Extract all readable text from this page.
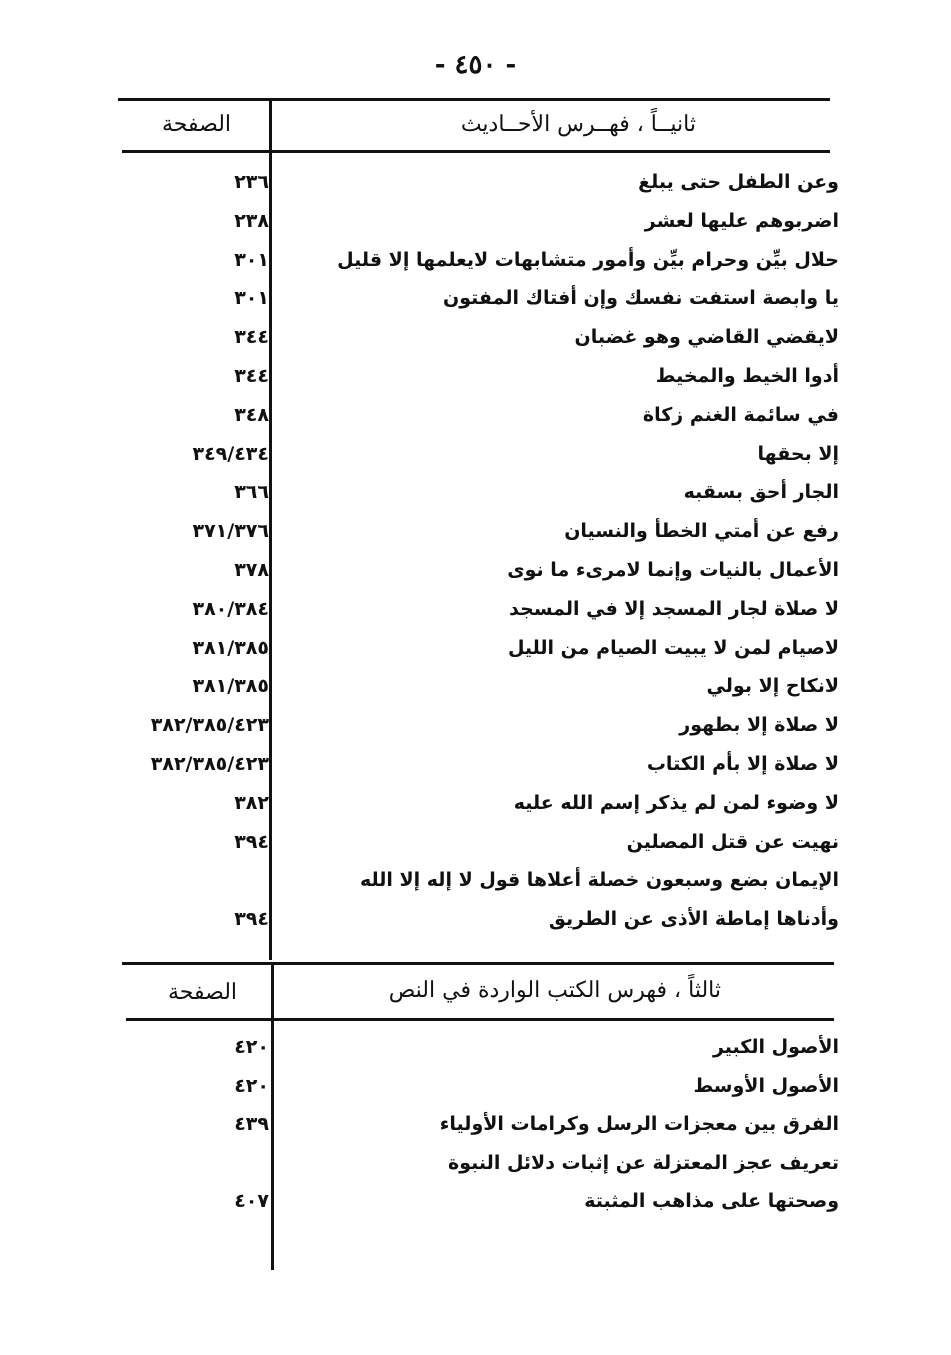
- ٤٥٠ -
ثانيــاً ، فهــرس الأحــاديث
الصفحة
وعن الطفل حتى يبلغ
٢٣٦
اضربوهم عليها لعشر
٢٣٨
حلال بيِّن وحرام بيِّن وأمور متشابهات لايعلمها إلا قليل
٣٠١
يا وابصة استفت نفسك وإن أفتاك المفتون
٣٠١
لايقضي القاضي وهو غضبان
٣٤٤
أدوا الخيط والمخيط
٣٤٤
في سائمة الغنم زكاة
٣٤٨
إلا بحقها
٣٤٩/٤٣٤
الجار أحق بسقبه
٣٦٦
رفع عن أمتي الخطأ والنسيان
٣٧١/٣٧٦
الأعمال بالنيات وإنما لامرىء ما نوى
٣٧٨
لا صلاة لجار المسجد إلا في المسجد
٣٨٠/٣٨٤
لاصيام لمن لا يبيت الصيام من الليل
٣٨١/٣٨٥
لانكاح إلا بولي
٣٨١/٣٨٥
لا صلاة إلا بطهور
٣٨٢/٣٨٥/٤٢٣
لا صلاة إلا بأم الكتاب
٣٨٢/٣٨٥/٤٢٣
لا وضوء لمن لم يذكر إسم الله عليه
٣٨٢
نهيت عن قتل المصلين
٣٩٤
الإيمان بضع وسبعون خصلة أعلاها قول لا إله إلا الله
وأدناها إماطة الأذى عن الطريق
٣٩٤
ثالثاً ، فهرس الكتب الواردة في النص
الصفحة
الأصول الكبير
٤٢٠
الأصول الأوسط
٤٢٠
الفرق بين معجزات الرسل وكرامات الأولياء
٤٣٩
تعريف عجز المعتزلة عن إثبات دلائل النبوة
وصحتها على مذاهب المثبتة
٤٠٧
